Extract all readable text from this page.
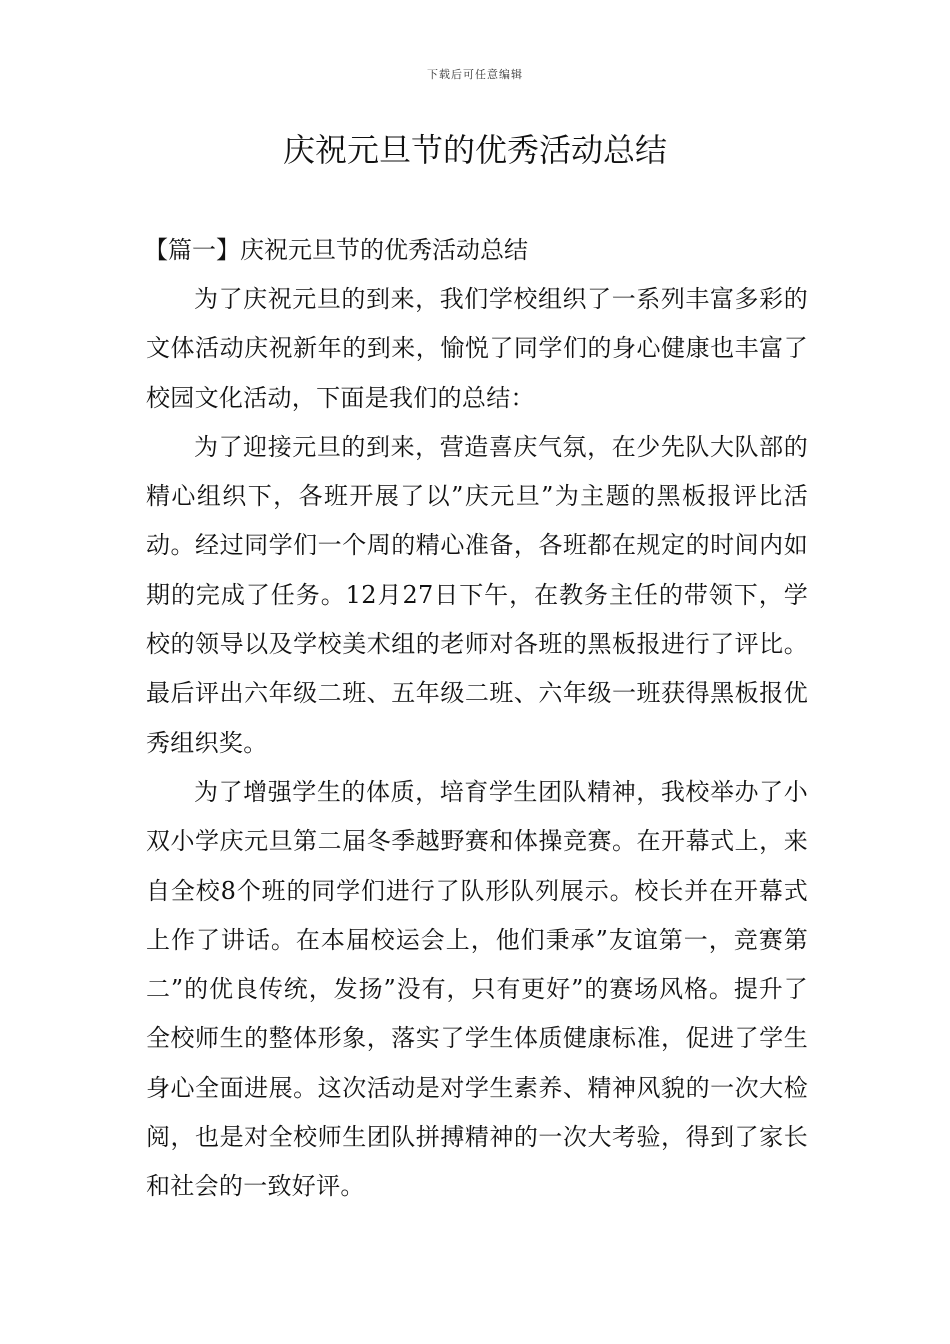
下载后可任意编辑
庆祝元旦节的优秀活动总结

【篇一】庆祝元旦节的优秀活动总结

为了庆祝元旦的到来，我们学校组织了一系列丰富多彩的文体活动庆祝新年的到来，愉悦了同学们的身心健康也丰富了校园文化活动，下面是我们的总结：

为了迎接元旦的到来，营造喜庆气氛，在少先队大队部的精心组织下，各班开展了以”庆元旦”为主题的黑板报评比活动。经过同学们一个周的精心准备，各班都在规定的时间内如期的完成了任务。12月27日下午，在教务主任的带领下，学校的领导以及学校美术组的老师对各班的黑板报进行了评比。最后评出六年级二班、五年级二班、六年级一班获得黑板报优秀组织奖。

为了增强学生的体质，培育学生团队精神，我校举办了小双小学庆元旦第二届冬季越野赛和体操竞赛。在开幕式上，来自全校8个班的同学们进行了队形队列展示。校长并在开幕式上作了讲话。在本届校运会上，他们秉承”友谊第一，竞赛第二”的优良传统，发扬”没有，只有更好”的赛场风格。提升了全校师生的整体形象，落实了学生体质健康标准，促进了学生身心全面进展。这次活动是对学生素养、精神风貌的一次大检阅，也是对全校师生团队拼搏精神的一次大考验，得到了家长和社会的一致好评。
